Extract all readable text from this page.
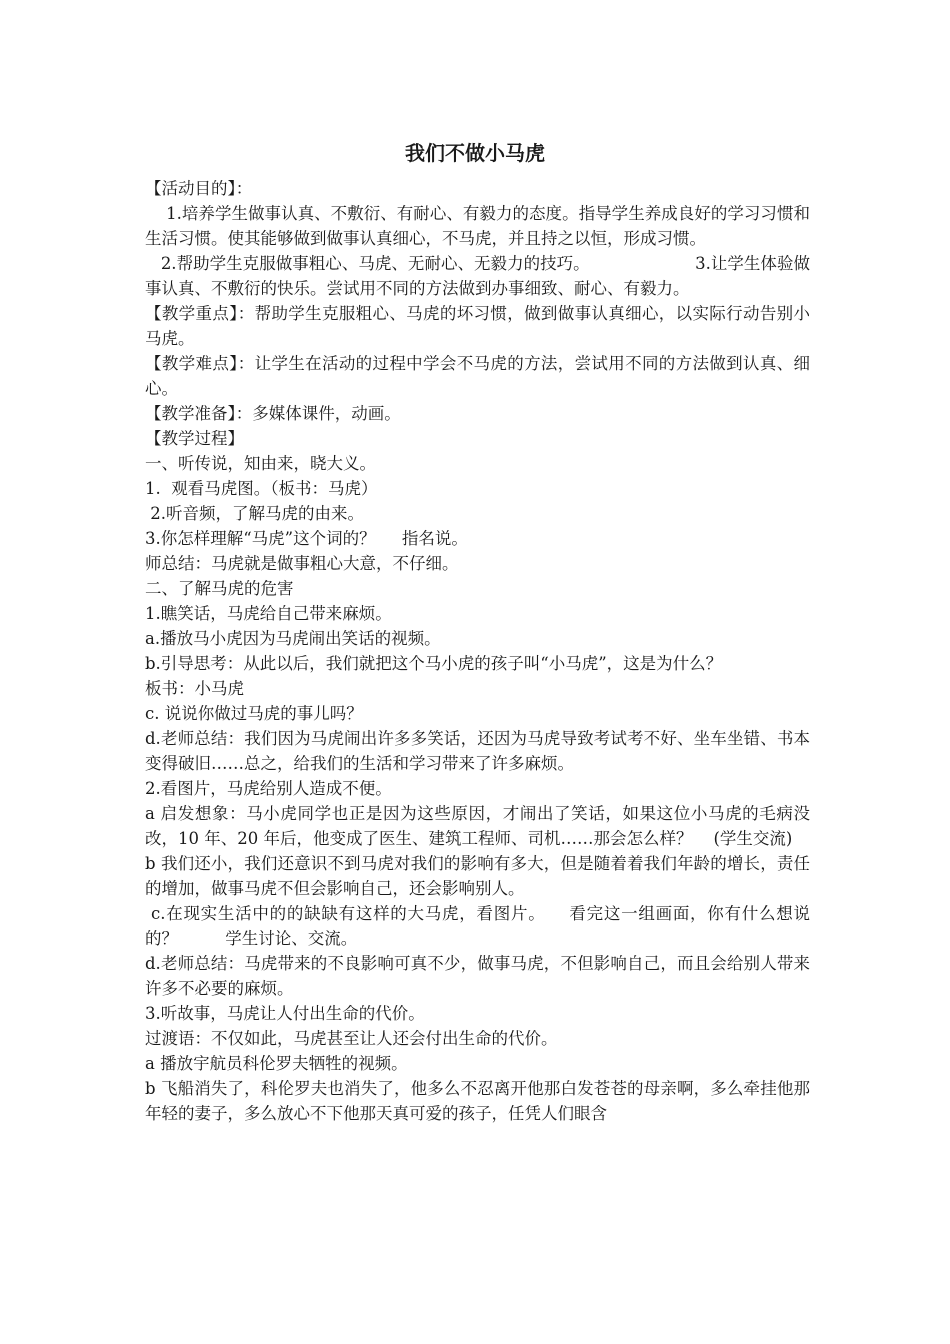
我们不做小马虎

【活动目的】：

1.培养学生做事认真、不敷衍、有耐心、有毅力的态度。指导学生养成良好的学习习惯和生活习惯。使其能够做到做事认真细心，不马虎，并且持之以恒，形成习惯。

2.帮助学生克服做事粗心、马虎、无耐心、无毅力的技巧。                    3.让学生体验做事认真、不敷衍的快乐。尝试用不同的方法做到办事细致、耐心、有毅力。

【教学重点】：帮助学生克服粗心、马虎的坏习惯，做到做事认真细心，以实际行动告别小马虎。

【教学难点】：让学生在活动的过程中学会不马虎的方法，尝试用不同的方法做到认真、细心。

【教学准备】：多媒体课件，动画。

【教学过程】

一、听传说，知由来，晓大义。

1.  观看马虎图。（板书：马虎）

2.听音频，了解马虎的由来。

3.你怎样理解“马虎”这个词的？     指名说。

师总结：马虎就是做事粗心大意，不仔细。

二、了解马虎的危害

1.瞧笑话，马虎给自己带来麻烦。

a.播放马小虎因为马虎闹出笑话的视频。

b.引导思考：从此以后，我们就把这个马小虎的孩子叫“小马虎”，这是为什么？

板书：小马虎

c. 说说你做过马虎的事儿吗？

d.老师总结：我们因为马虎闹出许多多笑话，还因为马虎导致考试考不好、坐车坐错、书本变得破旧……总之，给我们的生活和学习带来了许多麻烦。

2.看图片，马虎给别人造成不便。

a 启发想象：马小虎同学也正是因为这些原因，才闹出了笑话，如果这位小马虎的毛病没改，10 年、20 年后，他变成了医生、建筑工程师、司机……那会怎么样？    (学生交流)

b 我们还小，我们还意识不到马虎对我们的影响有多大，但是随着着我们年龄的增长，责任的增加，做事马虎不但会影响自己，还会影响别人。

c.在现实生活中的的缺缺有这样的大马虎，看图片。    看完这一组画面，你有什么想说的？         学生讨论、交流。

d.老师总结：马虎带来的不良影响可真不少，做事马虎，不但影响自己，而且会给别人带来许多不必要的麻烦。

3.听故事，马虎让人付出生命的代价。

过渡语：不仅如此，马虎甚至让人还会付出生命的代价。

a 播放宇航员科伦罗夫牺牲的视频。

b 飞船消失了，科伦罗夫也消失了，他多么不忍离开他那白发苍苍的母亲啊，多么牵挂他那年轻的妻子，多么放心不下他那天真可爱的孩子，任凭人们眼含
